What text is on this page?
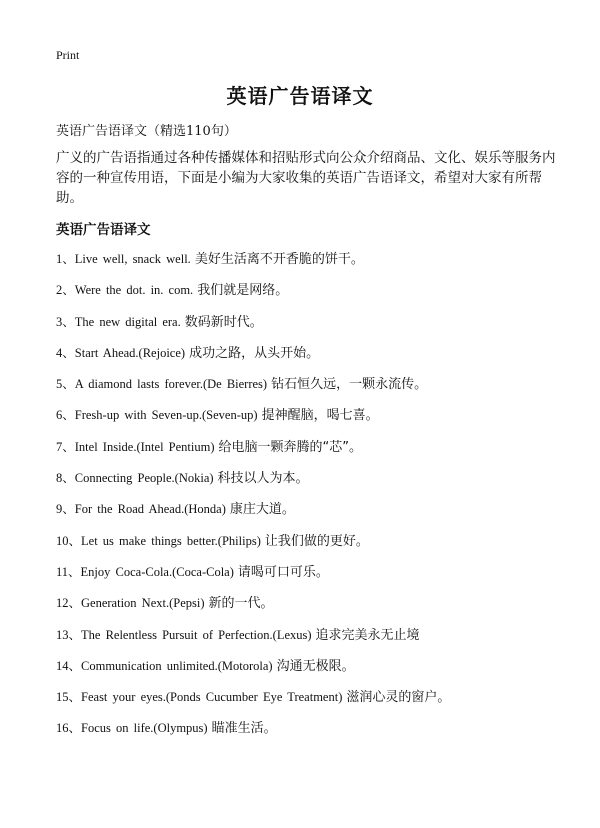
Print
英语广告语译文
英语广告语译文（精选110句）
广义的广告语指通过各种传播媒体和招贴形式向公众介绍商品、文化、娱乐等服务内容的一种宣传用语，下面是小编为大家收集的英语广告语译文，希望对大家有所帮助。
英语广告语译文
1、Live well, snack well. 美好生活离不开香脆的饼干。
2、Were the dot. in. com. 我们就是网络。
3、The new digital era. 数码新时代。
4、Start Ahead.(Rejoice) 成功之路，从头开始。
5、A diamond lasts forever.(De Bierres) 钻石恒久远，一颗永流传。
6、Fresh-up with Seven-up.(Seven-up) 提神醒脑，喝七喜。
7、Intel Inside.(Intel Pentium) 给电脑一颗奔腾的“芯”。
8、Connecting People.(Nokia) 科技以人为本。
9、For the Road Ahead.(Honda) 康庄大道。
10、Let us make things better.(Philips) 让我们做的更好。
11、Enjoy Coca-Cola.(Coca-Cola) 请喝可口可乐。
12、Generation Next.(Pepsi) 新的一代。
13、The Relentless Pursuit of Perfection.(Lexus) 追求完美永无止境
14、Communication unlimited.(Motorola) 沟通无极限。
15、Feast your eyes.(Ponds Cucumber Eye Treatment) 滋润心灵的窗户。
16、Focus on life.(Olympus) 瞄准生活。
